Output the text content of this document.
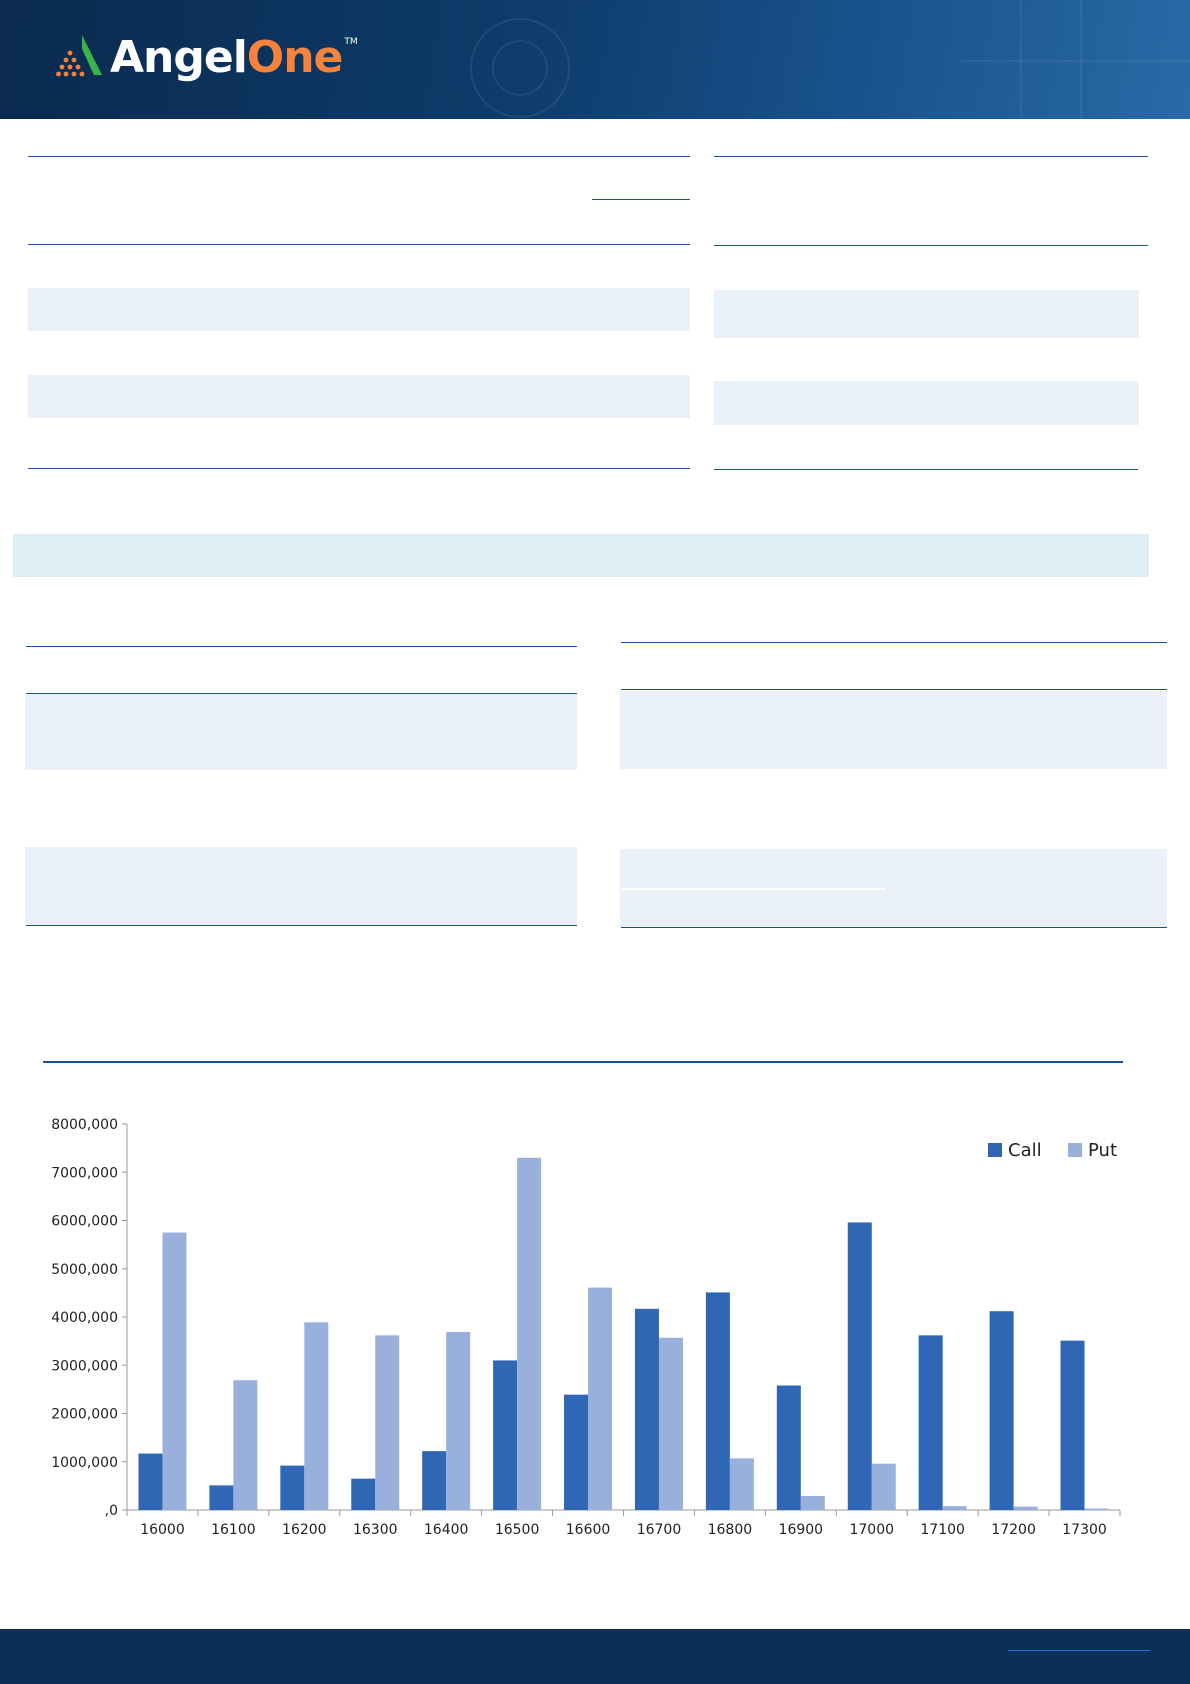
AngelOne TM
,0
1000,000
2000,000
3000,000
4000,000
5000,000
6000,000
7000,000
8000,000
16000 16100 16200 16300 16400 16500 16600 16700 16800 16900 17000 17100 17200 17300
Call	Put
